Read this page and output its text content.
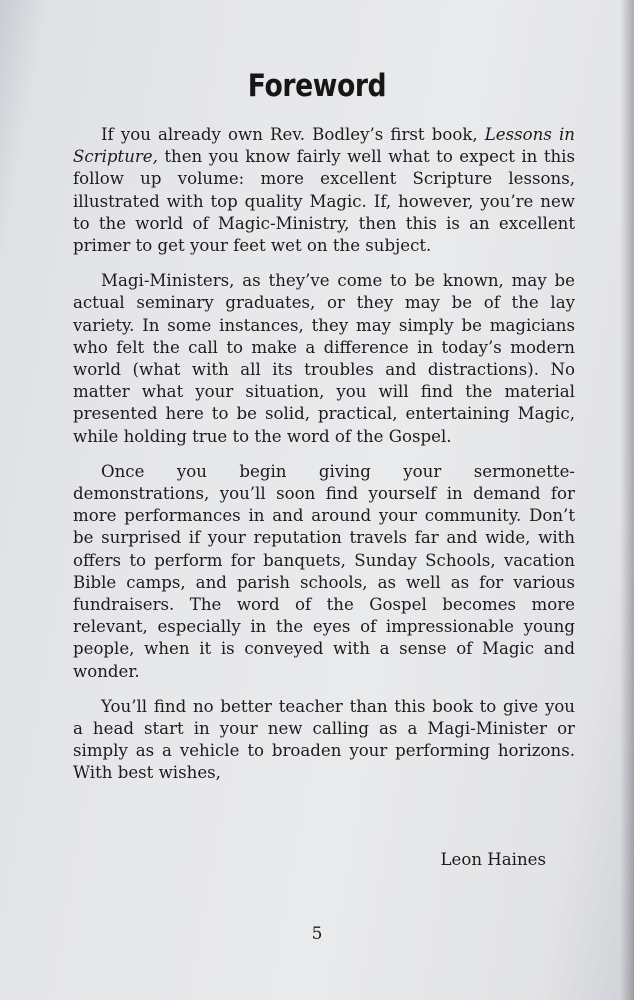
Foreword

If you already own Rev. Bodley’s first book, Lessons in Scripture, then you know fairly well what to expect in this follow up volume: more excellent Scripture lessons, illustrated with top quality Magic. If, however, you’re new to the world of Magic-Ministry, then this is an excellent primer to get your feet wet on the subject.

Magi-Ministers, as they’ve come to be known, may be actual seminary graduates, or they may be of the lay variety. In some instances, they may simply be magicians who felt the call to make a difference in today’s modern world (what with all its troubles and distractions). No matter what your situation, you will find the material presented here to be solid, practical, entertaining Magic, while holding true to the word of the Gospel.

Once you begin giving your sermonette-demonstrations, you’ll soon find yourself in demand for more performances in and around your community. Don’t be surprised if your reputation travels far and wide, with offers to perform for banquets, Sunday Schools, vacation Bible camps, and parish schools, as well as for various fundraisers. The word of the Gospel becomes more relevant, especially in the eyes of impressionable young people, when it is conveyed with a sense of Magic and wonder.

You’ll find no better teacher than this book to give you a head start in your new calling as a Magi-Minister or simply as a vehicle to broaden your performing horizons. With best wishes,

Leon Haines
5
